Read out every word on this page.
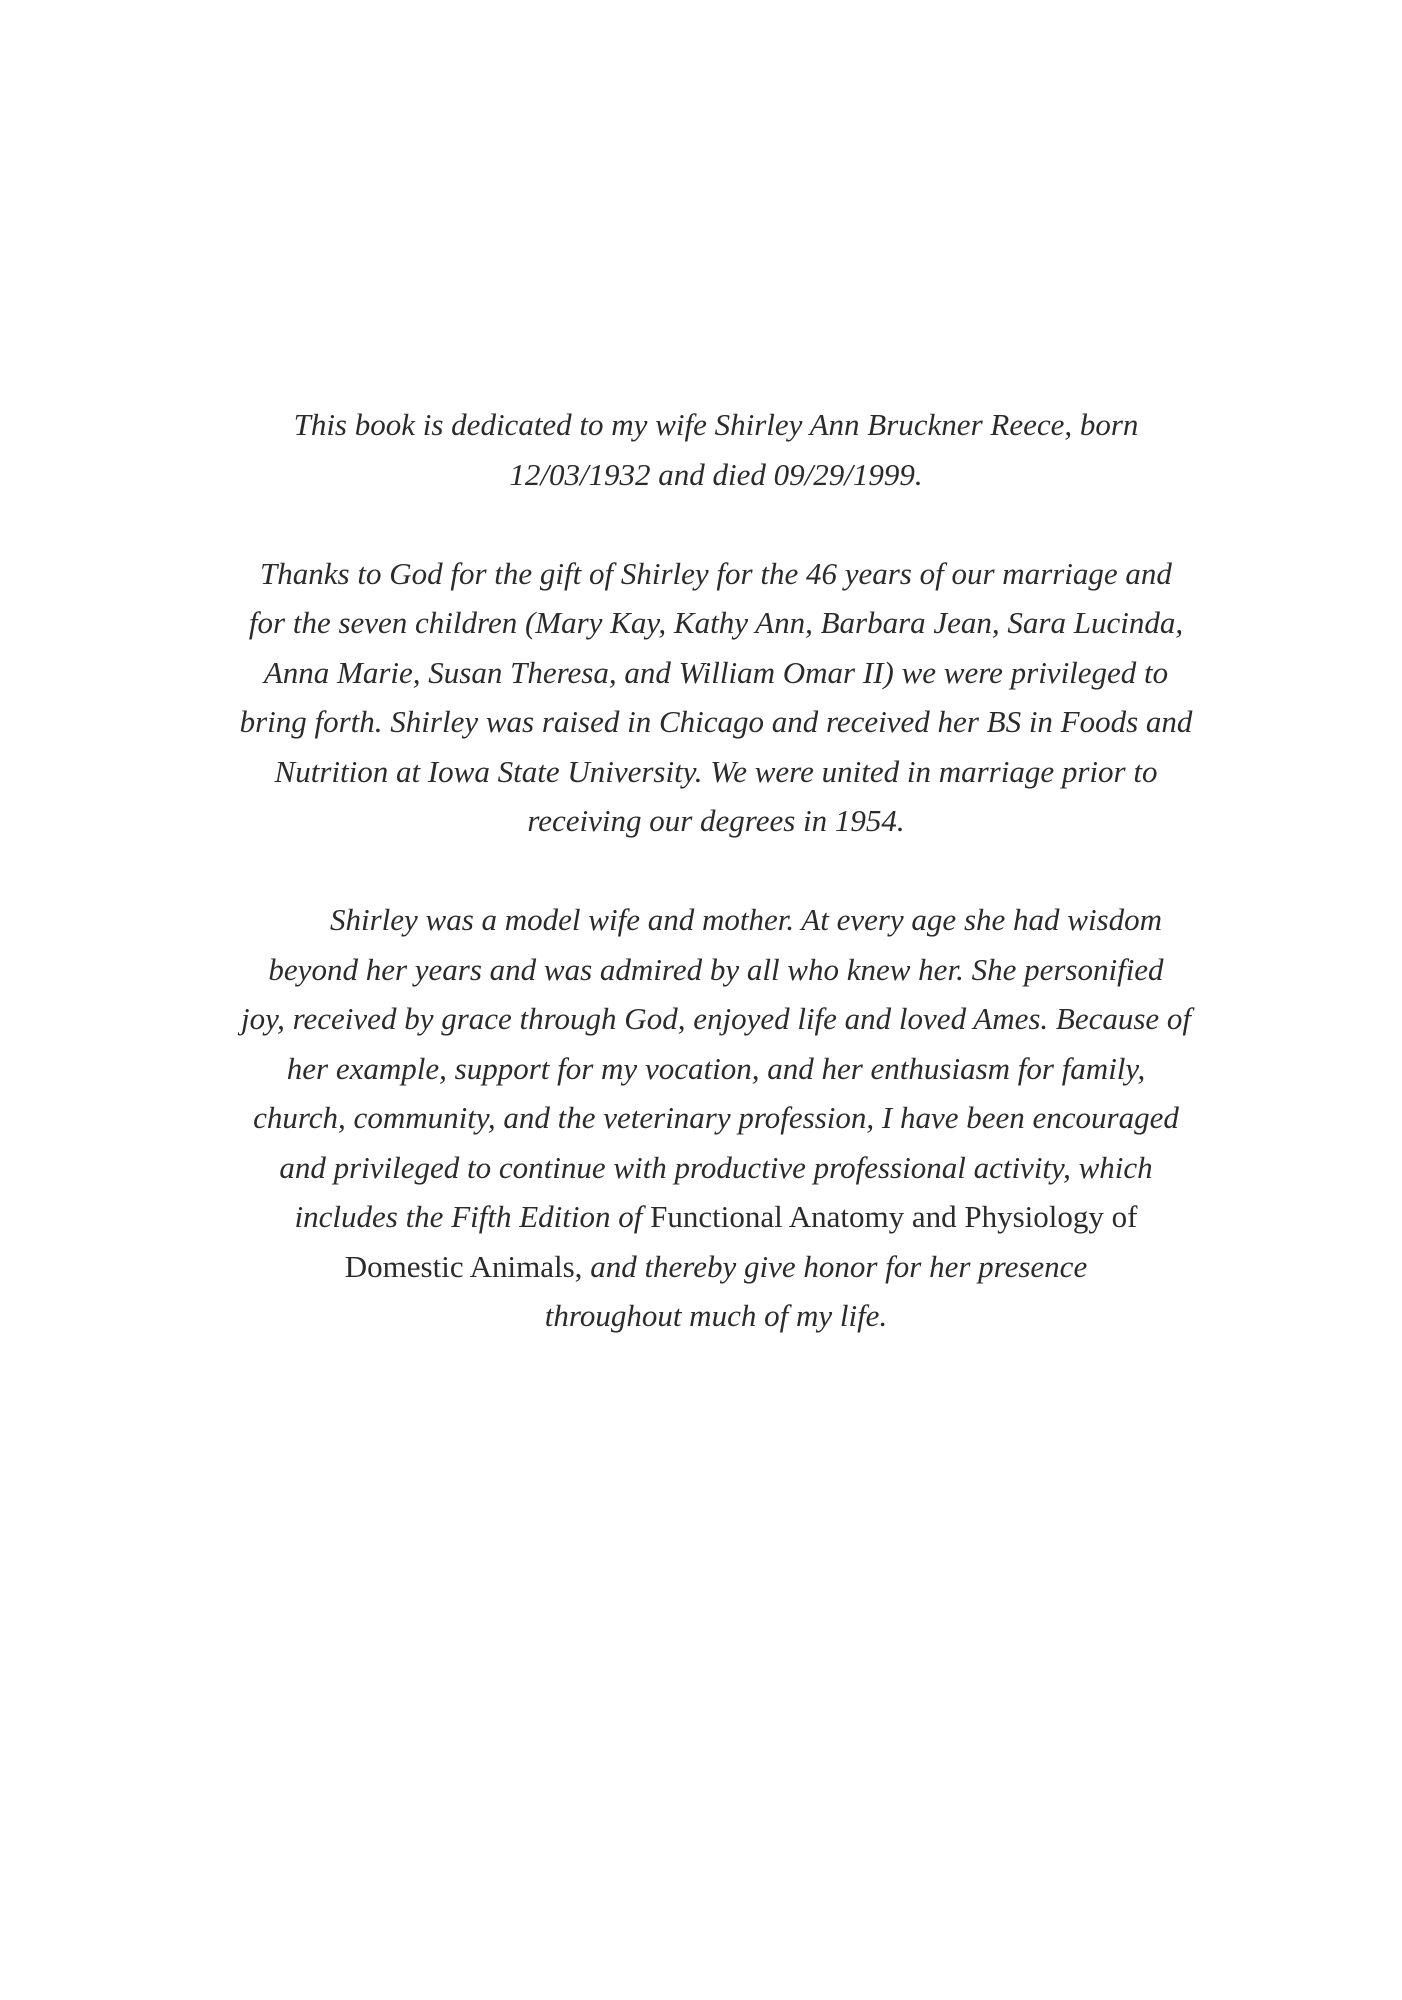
This book is dedicated to my wife Shirley Ann Bruckner Reece, born
12/03/1932 and died 09/29/1999.

Thanks to God for the gift of Shirley for the 46 years of our marriage and
for the seven children (Mary Kay, Kathy Ann, Barbara Jean, Sara Lucinda,
Anna Marie, Susan Theresa, and William Omar II) we were privileged to
bring forth. Shirley was raised in Chicago and received her BS in Foods and
Nutrition at Iowa State University. We were united in marriage prior to
receiving our degrees in 1954.

Shirley was a model wife and mother. At every age she had wisdom
beyond her years and was admired by all who knew her. She personified
joy, received by grace through God, enjoyed life and loved Ames. Because of
her example, support for my vocation, and her enthusiasm for family,
church, community, and the veterinary profession, I have been encouraged
and privileged to continue with productive professional activity, which
includes the Fifth Edition of Functional Anatomy and Physiology of
Domestic Animals, and thereby give honor for her presence
throughout much of my life.
